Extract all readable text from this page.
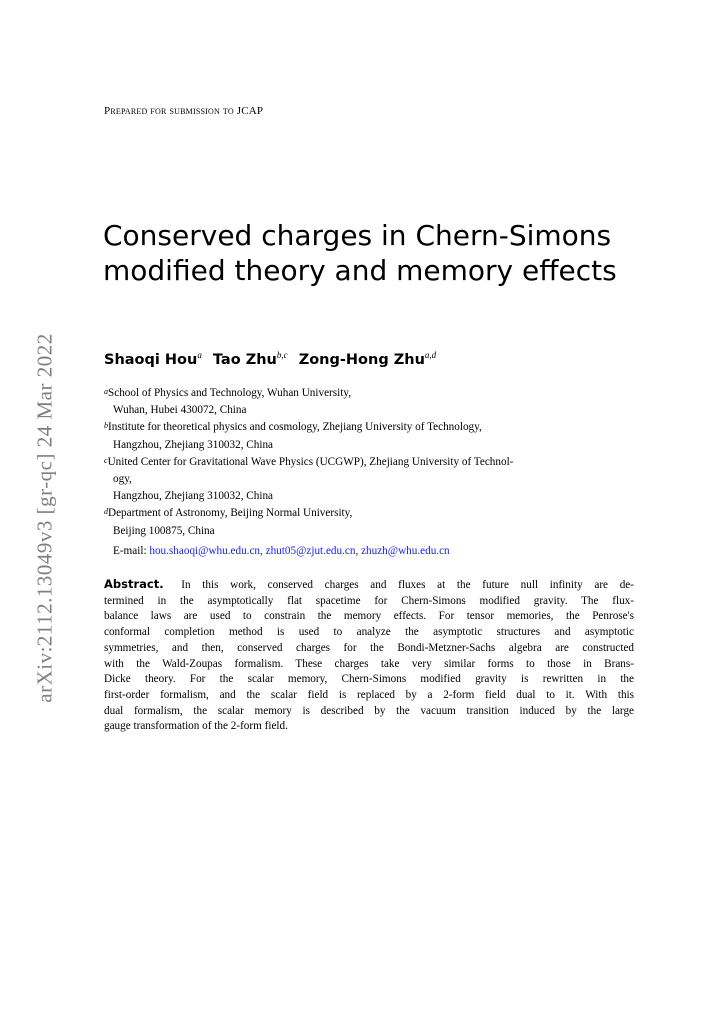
arXiv:2112.13049v3 [gr-qc] 24 Mar 2022
Prepared for submission to JCAP
Conserved charges in Chern-Simons
modified theory and memory effects
Shaoqi Hou$^a$ Tao Zhu$^{b,c}$ Zong-Hong Zhu$^{a,d}$
$^a$School of Physics and Technology, Wuhan University,
Wuhan, Hubei 430072, China
$^b$Institute for theoretical physics and cosmology, Zhejiang University of Technology,
Hangzhou, Zhejiang 310032, China
$^c$United Center for Gravitational Wave Physics (UCGWP), Zhejiang University of Technol-
ogy,
Hangzhou, Zhejiang 310032, China
$^d$Department of Astronomy, Beijing Normal University,
Beijing 100875, China
E-mail: hou.shaoqi@whu.edu.cn, zhut05@zjut.edu.cn, zhuzh@whu.edu.cn
Abstract. In this work, conserved charges and fluxes at the future null infinity are de-
termined in the asymptotically flat spacetime for Chern-Simons modified gravity. The flux-
balance laws are used to constrain the memory effects. For tensor memories, the Penrose's
conformal completion method is used to analyze the asymptotic structures and asymptotic
symmetries, and then, conserved charges for the Bondi-Metzner-Sachs algebra are constructed
with the Wald-Zoupas formalism. These charges take very similar forms to those in Brans-
Dicke theory. For the scalar memory, Chern-Simons modified gravity is rewritten in the
first-order formalism, and the scalar field is replaced by a 2-form field dual to it. With this
dual formalism, the scalar memory is described by the vacuum transition induced by the large
gauge transformation of the 2-form field.
